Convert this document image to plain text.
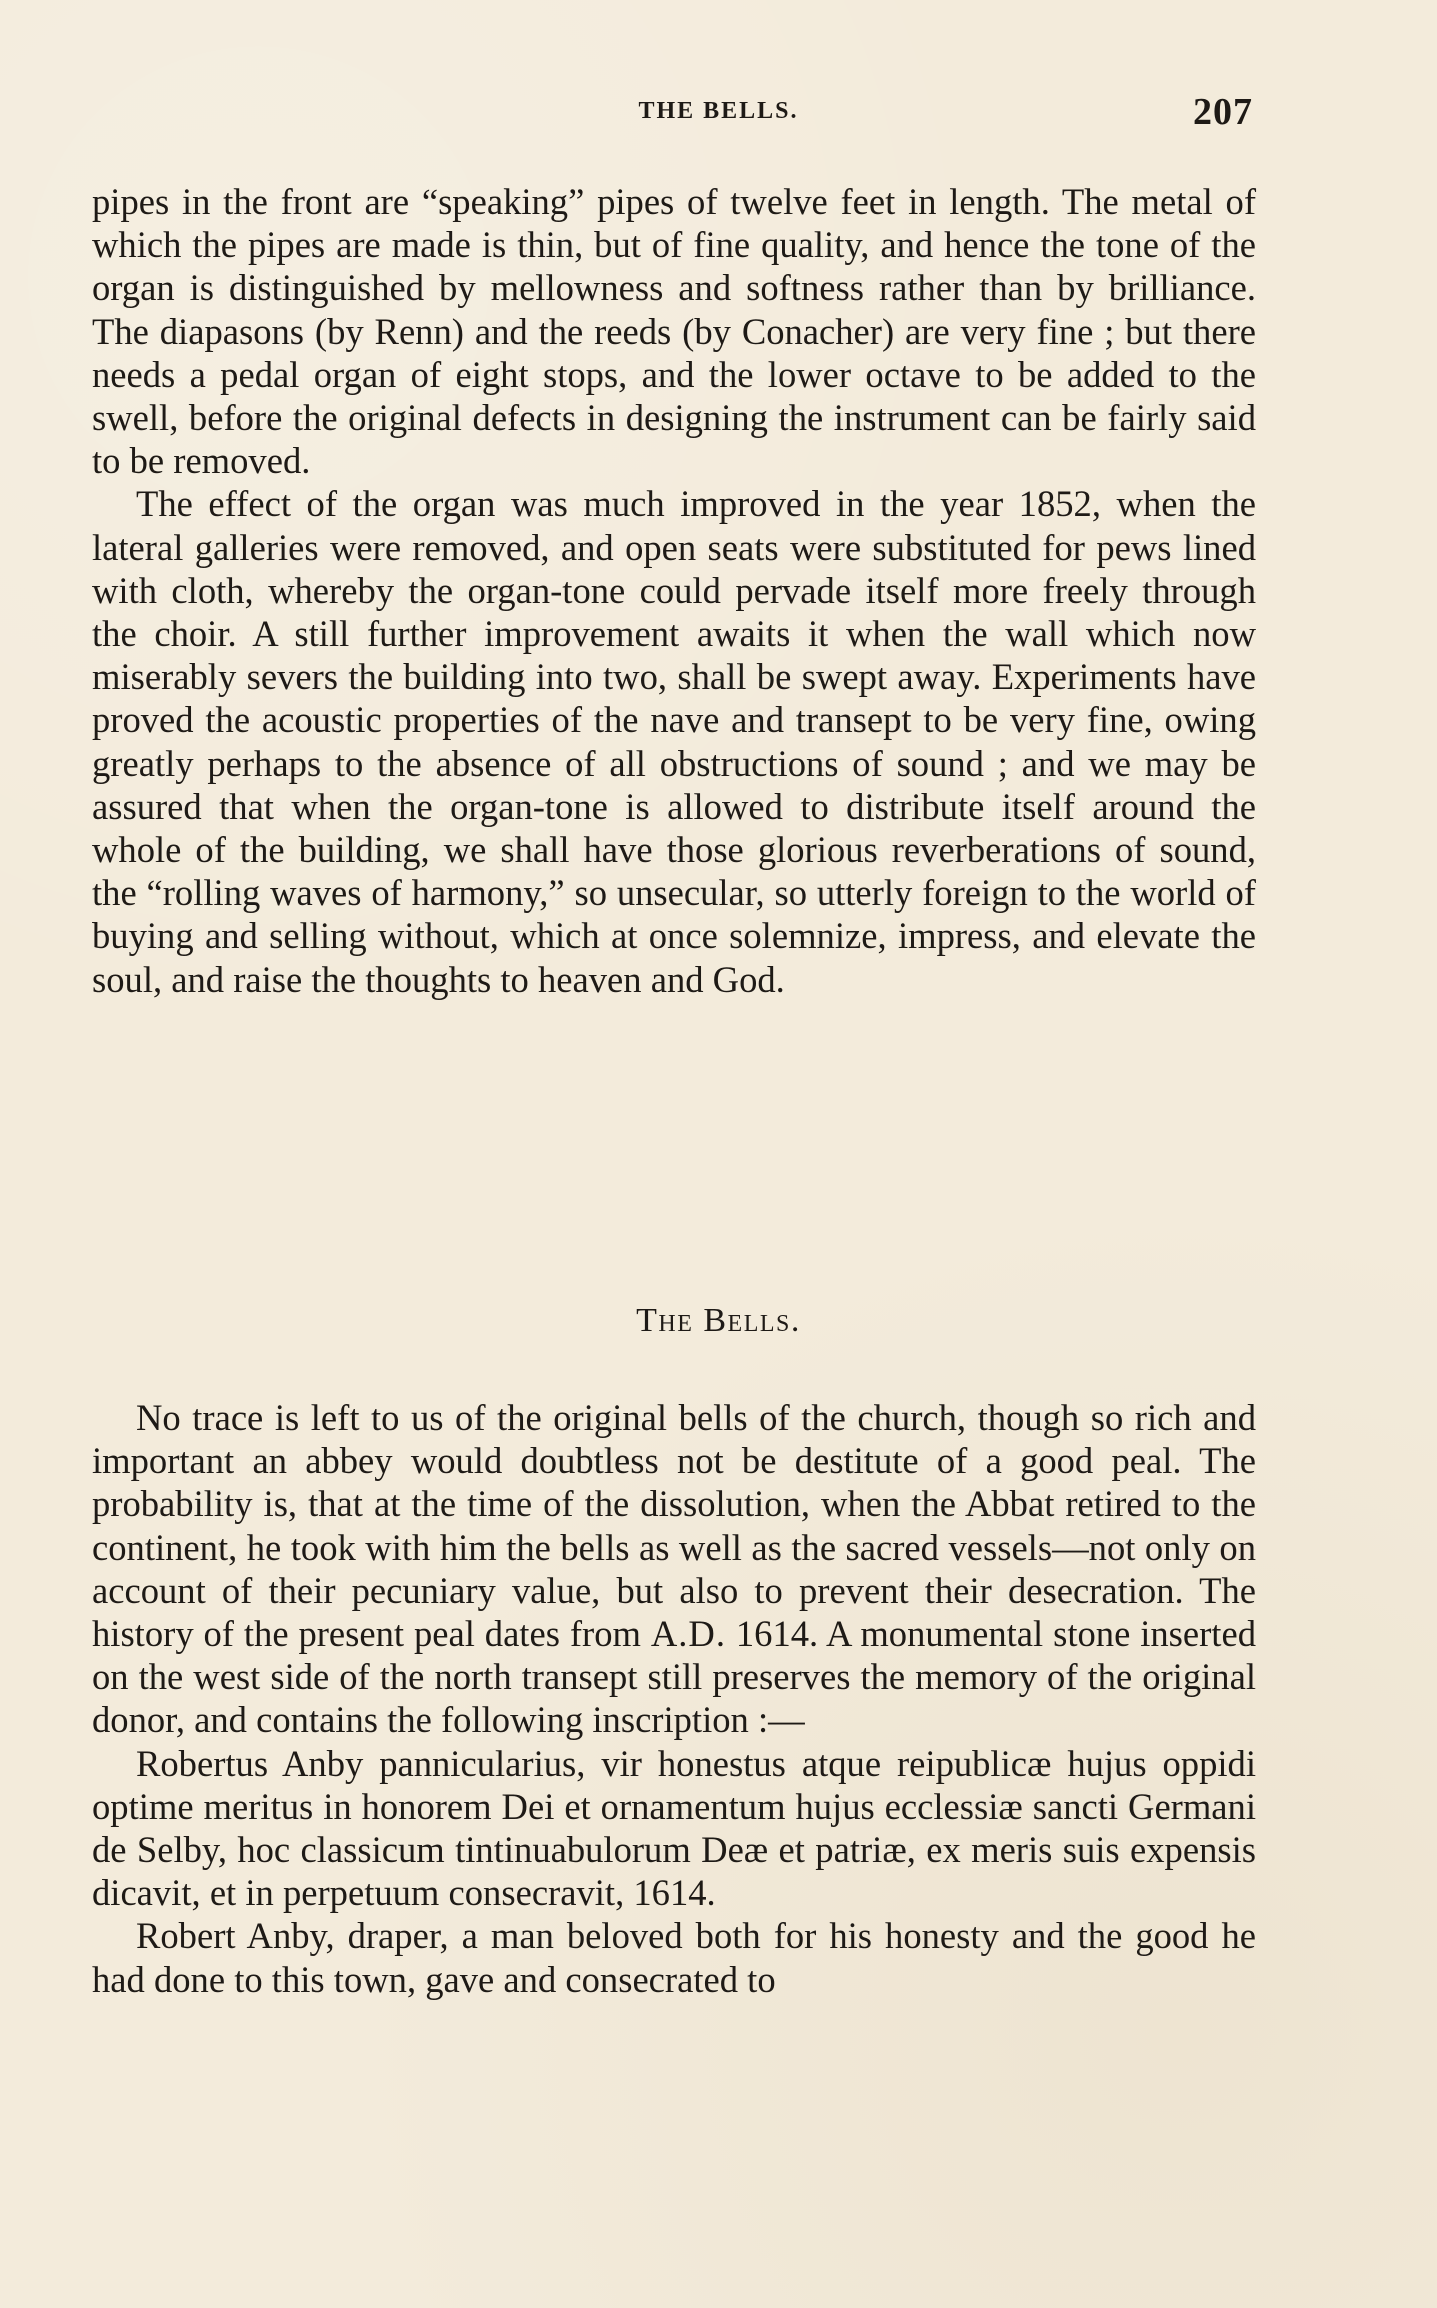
THE BELLS.	207

pipes in the front are “speaking” pipes of twelve feet in length. The metal of which the pipes are made is thin, but of fine quality, and hence the tone of the organ is distinguished by mellowness and softness rather than by brilliance. The diapasons (by Renn) and the reeds (by Conacher) are very fine ; but there needs a pedal organ of eight stops, and the lower octave to be added to the swell, before the original defects in designing the instrument can be fairly said to be removed.

The effect of the organ was much improved in the year 1852, when the lateral galleries were removed, and open seats were substituted for pews lined with cloth, whereby the organ-tone could pervade itself more freely through the choir. A still further improvement awaits it when the wall which now miserably severs the building into two, shall be swept away. Experiments have proved the acoustic properties of the nave and transept to be very fine, owing greatly perhaps to the absence of all obstructions of sound ; and we may be assured that when the organ-tone is allowed to distribute itself around the whole of the building, we shall have those glorious reverberations of sound, the “rolling waves of harmony,” so unsecular, so utterly foreign to the world of buying and selling without, which at once solemnize, impress, and elevate the soul, and raise the thoughts to heaven and God.

The Bells.

No trace is left to us of the original bells of the church, though so rich and important an abbey would doubtless not be destitute of a good peal. The probability is, that at the time of the dissolution, when the Abbat retired to the continent, he took with him the bells as well as the sacred vessels—not only on account of their pecuniary value, but also to prevent their desecration. The history of the present peal dates from A.D. 1614. A monumental stone inserted on the west side of the north transept still preserves the memory of the original donor, and contains the following inscription :—

Robertus Anby pannicularius, vir honestus atque reipublicæ hujus oppidi optime meritus in honorem Dei et ornamentum hujus ecclessiæ sancti Germani de Selby, hoc classicum tintinuabulorum Deæ et patriæ, ex meris suis expensis dicavit, et in perpetuum consecravit, 1614.

Robert Anby, draper, a man beloved both for his honesty and the good he had done to this town, gave and consecrated to
